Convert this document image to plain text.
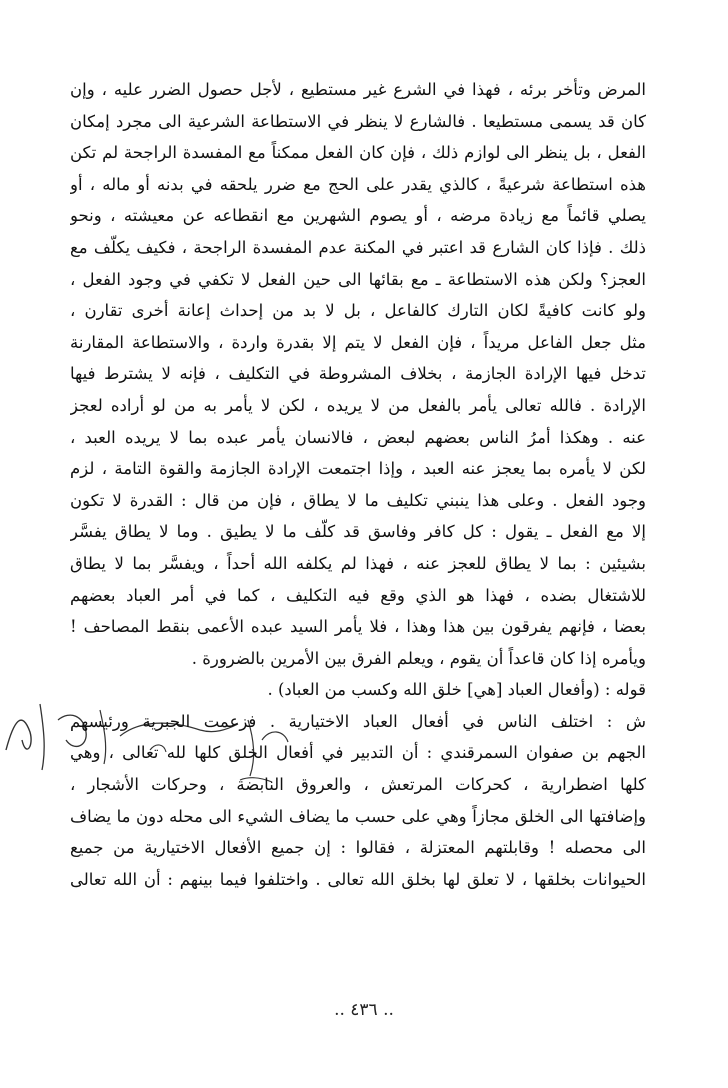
المرض وتأخر برئه ، فهذا في الشرع غير مستطيع ، لأجل حصول الضرر عليه ، وإن
كان قد يسمى مستطيعا . فالشارع لا ينظر في الاستطاعة الشرعية الى مجرد إمكان
الفعل ، بل ينظر الى لوازم ذلك ، فإن كان الفعل ممكناً مع المفسدة الراجحة لم تكن
هذه استطاعة شرعيةً ، كالذي يقدر على الحج مع ضرر يلحقه في بدنه أو ماله ، أو
يصلي قائماً مع زيادة مرضه ، أو يصوم الشهرين مع انقطاعه عن معيشته ، ونحو
ذلك . فإذا كان الشارع قد اعتبر في المكنة عدم المفسدة الراجحة ، فكيف يكلّف مع
العجز؟ ولكن هذه الاستطاعة ـ مع بقائها الى حين الفعل لا تكفي في وجود الفعل ،
ولو كانت كافيةً لكان التارك كالفاعل ، بل لا بد من إحداث إعانة أخرى تقارن ،
مثل جعل الفاعل مريداً ، فإن الفعل لا يتم إلا بقدرة واردة ، والاستطاعة المقارنة
تدخل فيها الإرادة الجازمة ، بخلاف المشروطة في التكليف ، فإنه لا يشترط فيها
الإرادة . فالله تعالى يأمر بالفعل من لا يريده ، لكن لا يأمر به من لو أراده لعجز
عنه . وهكذا أمرُ الناس بعضهم لبعض ، فالانسان يأمر عبده بما لا يريده العبد ،
لكن لا يأمره بما يعجز عنه العبد ، وإذا اجتمعت الإرادة الجازمة والقوة التامة ، لزم
وجود الفعل . وعلى هذا ينبني تكليف ما لا يطاق ، فإن من قال : القدرة لا تكون
إلا مع الفعل ـ يقول : كل كافر وفاسق قد كلّف ما لا يطيق . وما لا يطاق يفسَّر
بشيئين : بما لا يطاق للعجز عنه ، فهذا لم يكلفه الله أحداً ، ويفسَّر بما لا يطاق
للاشتغال بضده ، فهذا هو الذي وقع فيه التكليف ، كما في أمر العباد بعضهم
بعضا ، فإنهم يفرقون بين هذا وهذا ، فلا يأمر السيد عبده الأعمى بنقط المصاحف !
ويأمره إذا كان قاعداً أن يقوم ، ويعلم الفرق بين الأمرين بالضرورة .
قوله : (وأفعال العباد [هي] خلق الله وكسب من العباد) .
ش : اختلف الناس في أفعال العباد الاختيارية . فزعمت الجبرية ورئيسهم
الجهم بن صفوان السمرقندي : أن التدبير في أفعال الخلق كلها لله تعالى ، وهي
كلها اضطرارية ، كحركات المرتعش ، والعروق النابضة ، وحركات الأشجار ،
وإضافتها الى الخلق مجازاً وهي على حسب ما يضاف الشيء الى محله دون ما يضاف
الى محصله ! وقابلتهم المعتزلة ، فقالوا : إن جميع الأفعال الاختيارية من جميع
الحيوانات بخلقها ، لا تعلق لها بخلق الله تعالى . واختلفوا فيما بينهم : أن الله تعالى
.. ٤٣٦ ..
